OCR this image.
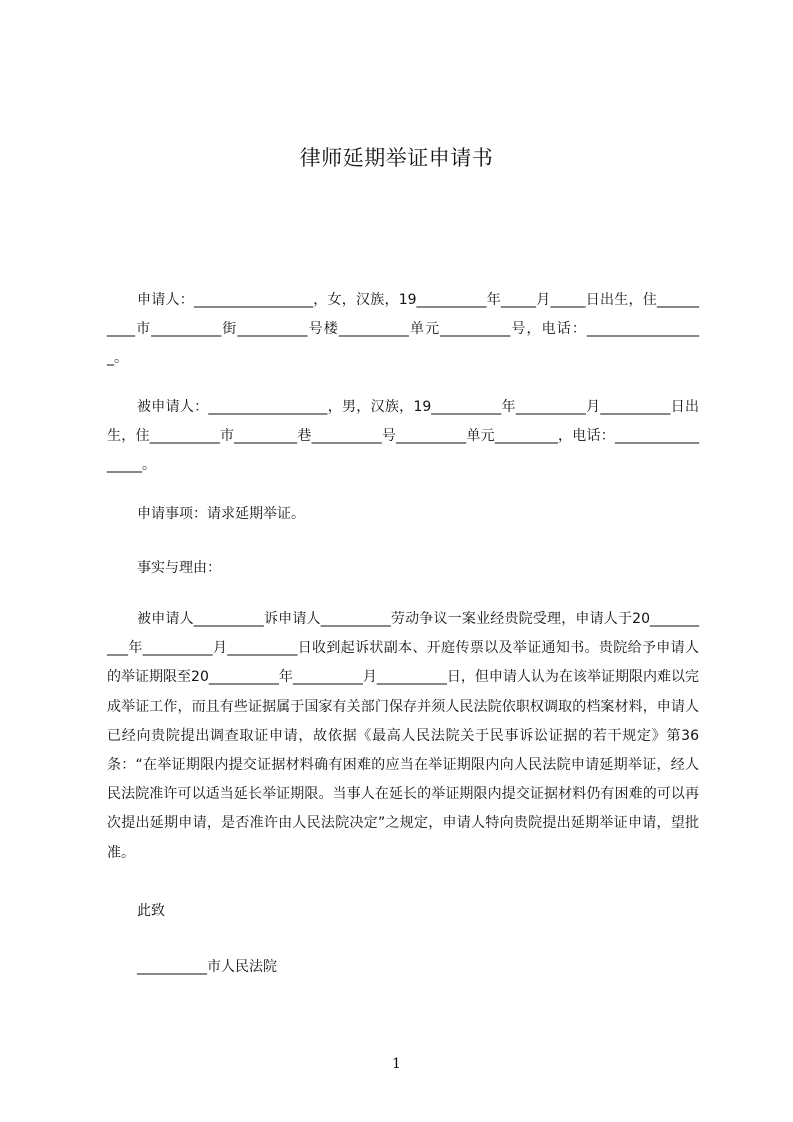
律师延期举证申请书

申请人：_________________，女，汉族，19__________年_____月_____日出生，住__________市__________街__________号楼__________单元__________号，电话：_________________。

被申请人：_________________，男，汉族，19__________年__________月__________日出生，住__________市_________巷__________号__________单元_________，电话：_________________。

申请事项：请求延期举证。

事实与理由：

被申请人__________诉申请人__________劳动争议一案业经贵院受理，申请人于20__________年__________月__________日收到起诉状副本、开庭传票以及举证通知书。贵院给予申请人的举证期限至20__________年__________月__________日，但申请人认为在该举证期限内难以完成举证工作，而且有些证据属于国家有关部门保存并须人民法院依职权调取的档案材料，申请人已经向贵院提出调查取证申请，故依据《最高人民法院关于民事诉讼证据的若干规定》第36条：“在举证期限内提交证据材料确有困难的应当在举证期限内向人民法院申请延期举证，经人民法院准许可以适当延长举证期限。当事人在延长的举证期限内提交证据材料仍有困难的可以再次提出延期申请，是否准许由人民法院决定”之规定，申请人特向贵院提出延期举证申请，望批准。

此致

__________市人民法院

1
